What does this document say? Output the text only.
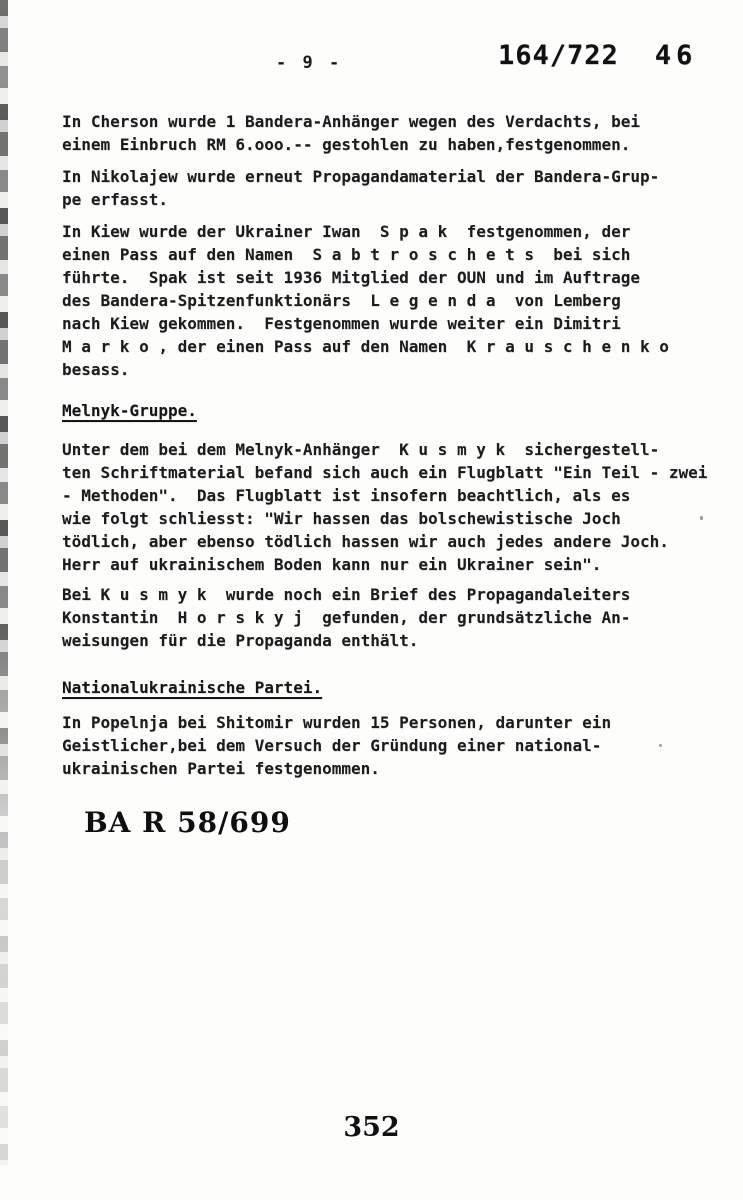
- 9 -	164/722 46
In Cherson wurde 1 Bandera-Anhänger wegen des Verdachts, bei
einem Einbruch RM 6.ooo.-- gestohlen zu haben,festgenommen.
In Nikolajew wurde erneut Propagandamaterial der Bandera-Grup-
pe erfasst.
In Kiew wurde der Ukrainer Iwan  S p a k  festgenommen, der
einen Pass auf den Namen  S a b t r o s c h e t s  bei sich
führte.  Spak ist seit 1936 Mitglied der OUN und im Auftrage
des Bandera-Spitzenfunktionärs  L e g e n d a  von Lemberg
nach Kiew gekommen.  Festgenommen wurde weiter ein Dimitri
M a r k o , der einen Pass auf den Namen  K r a u s c h e n k o
besass.
Melnyk-Gruppe.
Unter dem bei dem Melnyk-Anhänger  K u s m y k  sichergestell-
ten Schriftmaterial befand sich auch ein Flugblatt "Ein Teil - zwei
- Methoden".  Das Flugblatt ist insofern beachtlich, als es
wie folgt schliesst: "Wir hassen das bolschewistische Joch
tödlich, aber ebenso tödlich hassen wir auch jedes andere Joch.
Herr auf ukrainischem Boden kann nur ein Ukrainer sein".
Bei K u s m y k  wurde noch ein Brief des Propagandaleiters
Konstantin  H o r s k y j  gefunden, der grundsätzliche An-
weisungen für die Propaganda enthält.
Nationalukrainische Partei.
In Popelnja bei Shitomir wurden 15 Personen, darunter ein
Geistlicher,bei dem Versuch der Gründung einer national-
ukrainischen Partei festgenommen.
BA R 58/699
352
